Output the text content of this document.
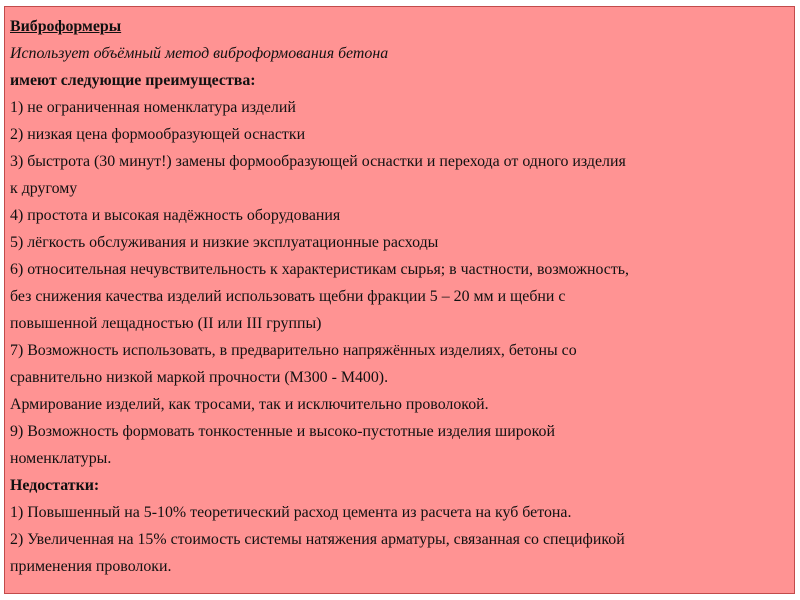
Виброформеры
Использует объёмный метод виброформования бетона
имеют следующие преимущества:
1) не ограниченная номенклатура изделий
2) низкая цена формообразующей оснастки
3) быстрота (30 минут!) замены формообразующей оснастки и перехода от одного изделия
к другому
4) простота и высокая надёжность оборудования
5) лёгкость обслуживания и низкие эксплуатационные расходы
6) относительная нечувствительность к характеристикам сырья; в частности, возможность,
без снижения качества изделий использовать щебни фракции 5 – 20 мм и щебни с
повышенной лещадностью (II или III группы)
7) Возможность использовать, в предварительно напряжённых изделиях, бетоны со
сравнительно низкой маркой прочности (М300 - М400).
Армирование изделий, как тросами, так и исключительно проволокой.
9) Возможность формовать тонкостенные и высоко-пустотные изделия широкой
номенклатуры.
Недостатки:
1) Повышенный на 5-10% теоретический расход цемента из расчета на куб бетона.
2) Увеличенная на 15% стоимость системы натяжения арматуры, связанная со спецификой
применения проволоки.
